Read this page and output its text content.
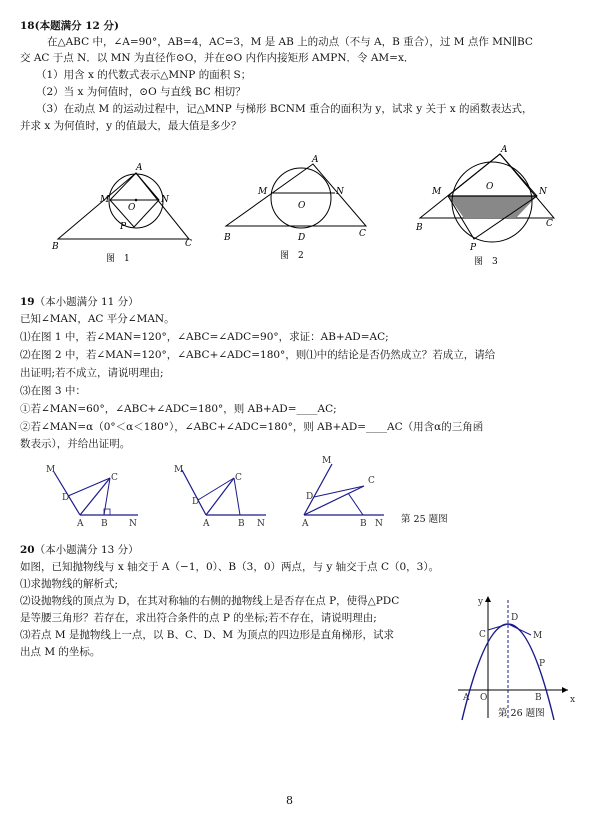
18(本题满分 12 分)
在△ABC 中，∠A=90°，AB=4，AC=3，M 是 AB 上的动点（不与 A，B 重合），过 M 点作 MN∥BC
交 AC 于点 N．以 MN 为直径作⊙O，并在⊙O 内作内接矩形 AMPN．令 AM=x．
（1）用含 x 的代数式表示△MNP 的面积 S；
（2）当 x 为何值时，⊙O 与直线 BC 相切？
（3）在动点 M 的运动过程中，记△MNP 与梯形 BCNM 重合的面积为 y，试求 y 关于 x 的函数表达式，
并求 x 为何值时，y 的值最大，最大值是多少？
A
M	N
O
P
B	C
图　1
A
M	N
O
D
B	C
图　2
A
M	N
O
P
B	C
图　3
19（本小题满分 11 分）
已知∠MAN，AC 平分∠MAN。
⑴在图 1 中，若∠MAN=120°，∠ABC=∠ADC=90°，求证：AB+AD=AC;
⑵在图 2 中，若∠MAN=120°，∠ABC+∠ADC=180°，则⑴中的结论是否仍然成立？若成立，请给
出证明;若不成立，请说明理由;
⑶在图 3 中：
①若∠MAN=60°，∠ABC+∠ADC=180°，则 AB+AD=____AC;
②若∠MAN=α（0°＜α＜180°），∠ABC+∠ADC=180°，则 AB+AD=____AC（用含α的三角函
数表示），并给出证明。
M
D
C
A B N
M
D
C
A	B N
M
D
C
A	B N 第 25 题图
20（本小题满分 13 分）
如图，已知抛物线与 x 轴交于 A（−1，0）、B（3，0）两点，与 y 轴交于点 C（0，3）。
⑴求抛物线的解析式;
⑵设抛物线的顶点为 D，在其对称轴的右侧的抛物线上是否存在点 P，使得△PDC
是等腰三角形？若存在，求出符合条件的点 P 的坐标;若不存在，请说明理由;
⑶若点 M 是抛物线上一点，以 B、C、D、M 为顶点的四边形是直角梯形，试求
出点 M 的坐标。
x
y
O
A	B
C
D
M
P
第 26 题图
8
